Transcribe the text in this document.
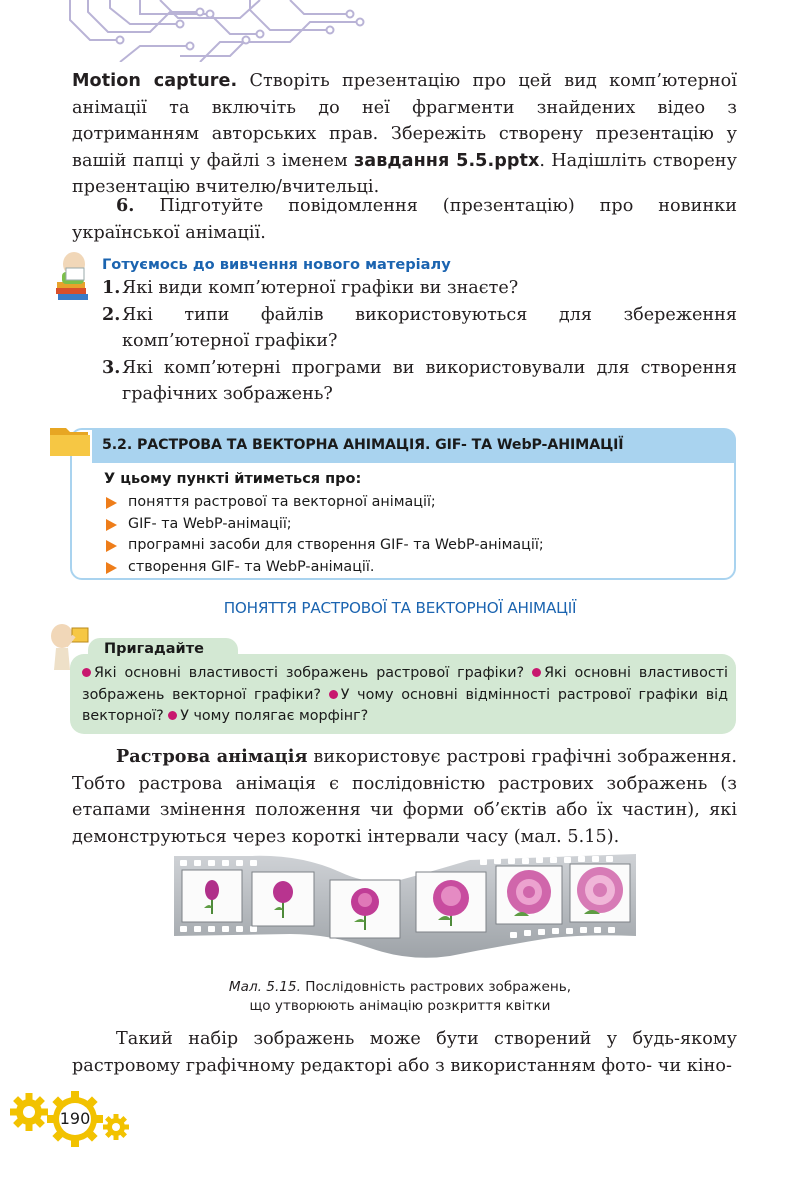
Motion capture. Створіть презентацію про цей вид комп’ютерної анімації та включіть до неї фрагменти знайдених відео з дотриманням авторських прав. Збережіть створену презентацію у вашій папці у файлі з іменем завдання 5.5.pptx. Надішліть створену презентацію вчителю/вчительці.

6. Підготуйте повідомлення (презентацію) про новинки української анімації.

Готуємось до вивчення нового матеріалу

1. Які види комп’ютерної графіки ви знаєте?
2. Які типи файлів використовуються для збереження комп’ютерної графіки?
3. Які комп’ютерні програми ви використовували для створення графічних зображень?

5.2. РАСТРОВА ТА ВЕКТОРНА АНІМАЦІЯ. GIF- ТА WebP-АНІМАЦІЇ

У цьому пункті йтиметься про:

поняття растрової та векторної анімації;
GIF- та WebP-анімації;
програмні засоби для створення GIF- та WebP-анімації;
створення GIF- та WebP-анімації.

ПОНЯТТЯ РАСТРОВОЇ ТА ВЕКТОРНОЇ АНІМАЦІЇ

Пригадайте

Які основні властивості зображень растрової графіки? Які основні властивості зображень векторної графіки? У чому основні відмінності растрової графіки від векторної? У чому полягає морфінг?

Растрова анімація використовує растрові графічні зображення. Тобто растрова анімація є послідовністю растрових зображень (з етапами змінення положення чи форми об’єктів або їх частин), які демонструються через короткі інтервали часу (мал. 5.15).

Мал. 5.15. Послідовність растрових зображень,
що утворюють анімацію розкриття квітки

Такий набір зображень може бути створений у будь-якому растровому графічному редакторі або з використанням фото- чи кіно-

190
